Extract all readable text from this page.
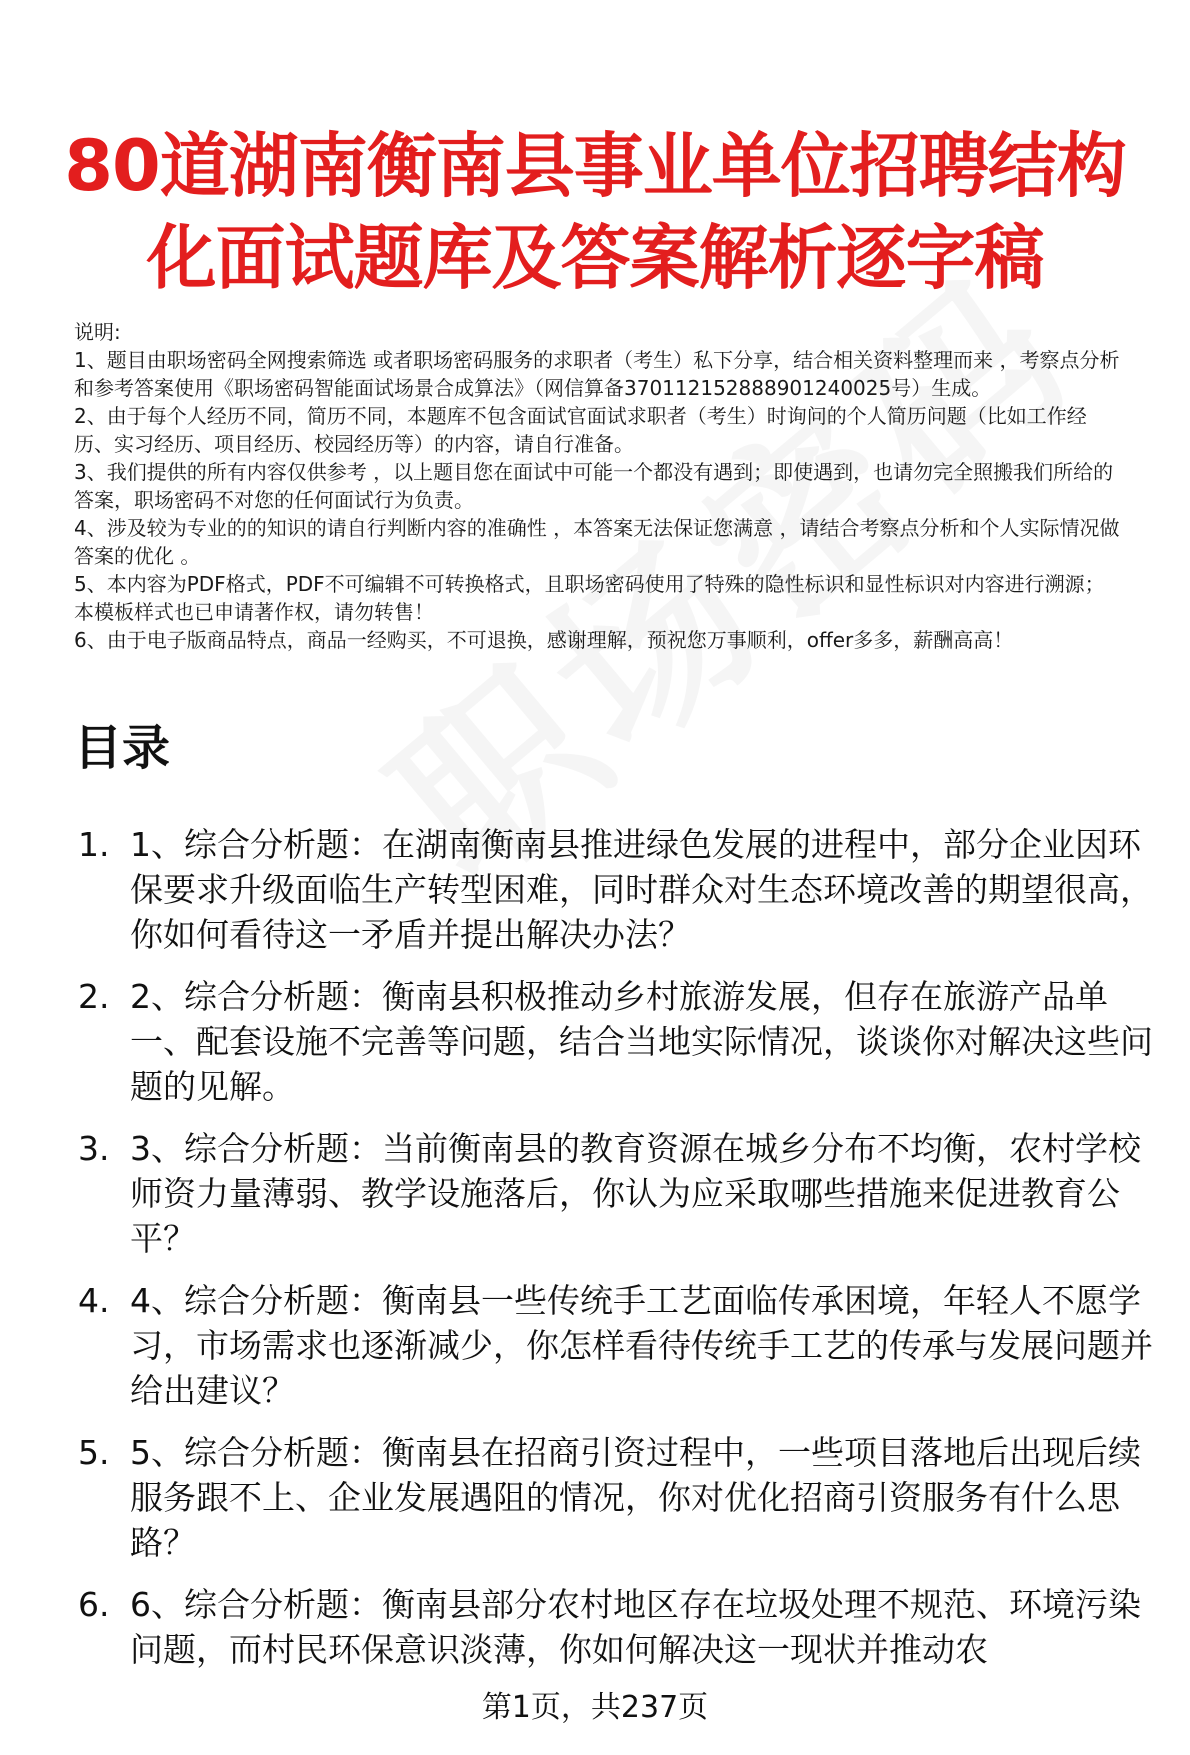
80道湖南衡南县事业单位招聘结构化面试题库及答案解析逐字稿

说明:

1、题目由职场密码全网搜索筛选 或者职场密码服务的求职者（考生）私下分享，结合相关资料整理而来 ，考察点分析和参考答案使用《职场密码智能面试场景合成算法》（网信算备370112152888901240025号）生成。

2、由于每个人经历不同，简历不同，本题库不包含面试官面试求职者（考生）时询问的个人简历问题（比如工作经历、实习经历、项目经历、校园经历等）的内容，请自行准备。

3、我们提供的所有内容仅供参考 ，以上题目您在面试中可能一个都没有遇到；即使遇到，也请勿完全照搬我们所给的答案，职场密码不对您的任何面试行为负责。

4、涉及较为专业的的知识的请自行判断内容的准确性 ，本答案无法保证您满意 ，请结合考察点分析和个人实际情况做答案的优化 。

5、本内容为PDF格式，PDF不可编辑不可转换格式，且职场密码使用了特殊的隐性标识和显性标识对内容进行溯源；本模板样式也已申请著作权，请勿转售！

6、由于电子版商品特点，商品一经购买，不可退换，感谢理解，预祝您万事顺利，offer多多，薪酬高高！

目录
1. 1、综合分析题：在湖南衡南县推进绿色发展的进程中，部分企业因环保要求升级面临生产转型困难，同时群众对生态环境改善的期望很高，你如何看待这一矛盾并提出解决办法？
2. 2、综合分析题：衡南县积极推动乡村旅游发展，但存在旅游产品单一、配套设施不完善等问题，结合当地实际情况，谈谈你对解决这些问题的见解。
3. 3、综合分析题：当前衡南县的教育资源在城乡分布不均衡，农村学校师资力量薄弱、教学设施落后，你认为应采取哪些措施来促进教育公平？
4. 4、综合分析题：衡南县一些传统手工艺面临传承困境，年轻人不愿学习，市场需求也逐渐减少，你怎样看待传统手工艺的传承与发展问题并给出建议？
5. 5、综合分析题：衡南县在招商引资过程中，一些项目落地后出现后续服务跟不上、企业发展遇阻的情况，你对优化招商引资服务有什么思路？
6. 6、综合分析题：衡南县部分农村地区存在垃圾处理不规范、环境污染问题，而村民环保意识淡薄，你如何解决这一现状并推动农
第1页，共237页
